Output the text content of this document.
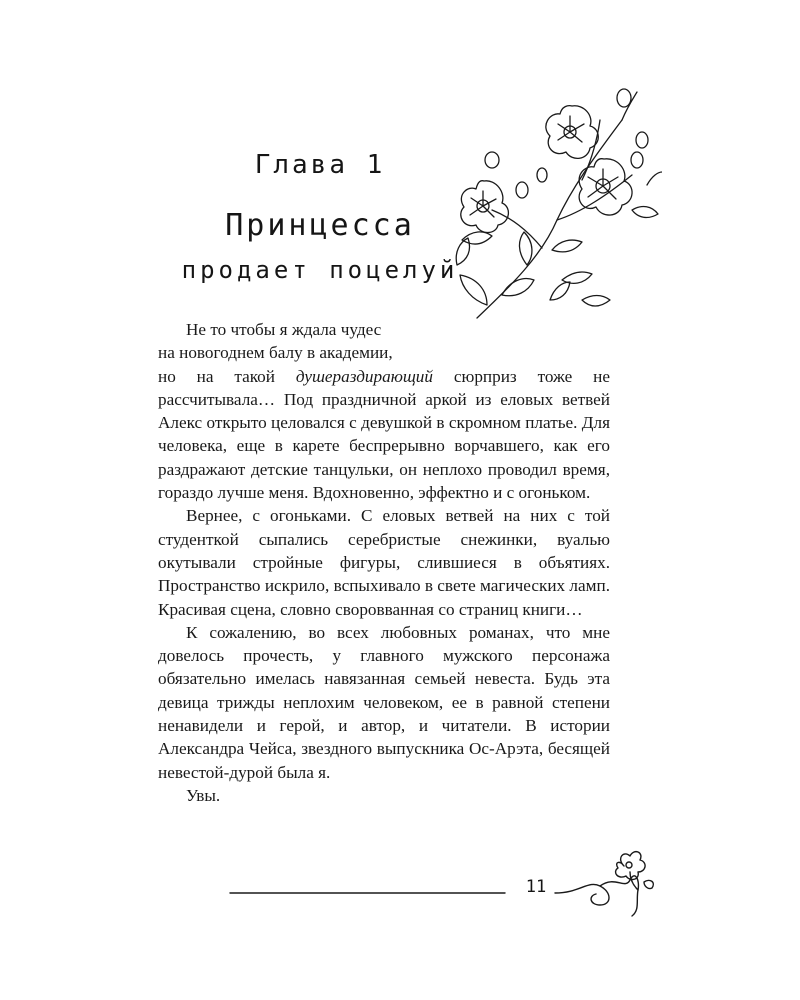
Глава 1
Принцесса
продает поцелуй

Не то чтобы я ждала чудес

на новогоднем балу в академии,

но на такой душераздирающий сюрприз тоже не рассчитывала… Под праздничной аркой из еловых ветвей Алекс открыто целовался с девушкой в скромном платье. Для человека, еще в карете беспрерывно ворчавшего, как его раздражают детские танцульки, он неплохо проводил время, гораздо лучше меня. Вдохновенно, эффектно и с огоньком.

Вернее, с огоньками. С еловых ветвей на них с той студенткой сыпались серебристые снежинки, вуалью окутывали стройные фигуры, слившиеся в объятиях. Пространство искрило, вспыхивало в свете магических ламп. Красивая сцена, словно своровванная со страниц книги…

К сожалению, во всех любовных романах, что мне довелось прочесть, у главного мужского персонажа обязательно имелась навязанная семьей невеста. Будь эта девица трижды неплохим человеком, ее в равной степени ненавидели и герой, и автор, и читатели. В истории Александра Чейса, звездного выпускника Ос-Арэта, бесящей невестой-дурой была я.

Увы.

11
